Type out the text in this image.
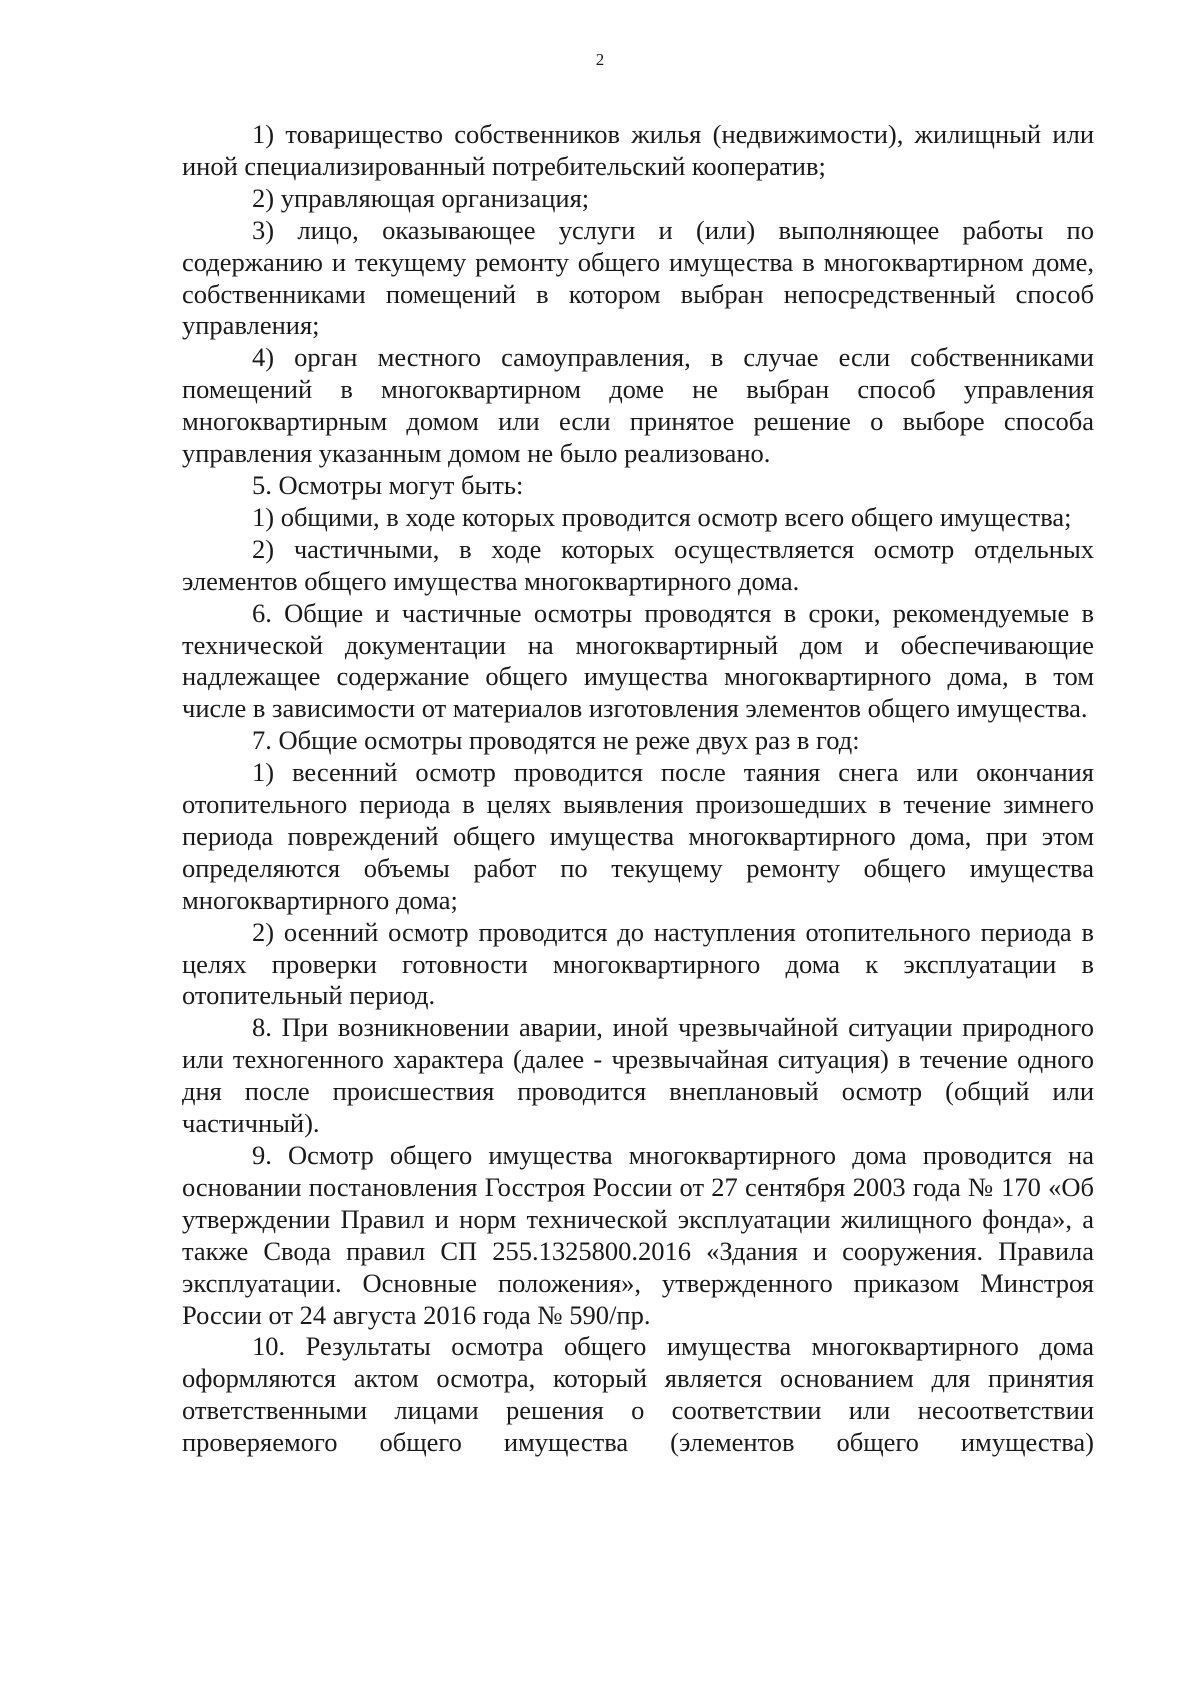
2

1) товарищество собственников жилья (недвижимости), жилищный или иной специализированный потребительский кооператив;

2) управляющая организация;

3) лицо, оказывающее услуги и (или) выполняющее работы по содержанию и текущему ремонту общего имущества в многоквартирном доме, собственниками помещений в котором выбран непосредственный способ управления;

4) орган местного самоуправления, в случае если собственниками помещений в многоквартирном доме не выбран способ управления многоквартирным домом или если принятое решение о выборе способа управления указанным домом не было реализовано.

5. Осмотры могут быть:

1) общими, в ходе которых проводится осмотр всего общего имущества;

2) частичными, в ходе которых осуществляется осмотр отдельных элементов общего имущества многоквартирного дома.

6. Общие и частичные осмотры проводятся в сроки, рекомендуемые в технической документации на многоквартирный дом и обеспечивающие надлежащее содержание общего имущества многоквартирного дома, в том числе в зависимости от материалов изготовления элементов общего имущества.

7. Общие осмотры проводятся не реже двух раз в год:

1) весенний осмотр проводится после таяния снега или окончания отопительного периода в целях выявления произошедших в течение зимнего периода повреждений общего имущества многоквартирного дома, при этом определяются объемы работ по текущему ремонту общего имущества многоквартирного дома;

2) осенний осмотр проводится до наступления отопительного периода в целях проверки готовности многоквартирного дома к эксплуатации в отопительный период.

8. При возникновении аварии, иной чрезвычайной ситуации природного или техногенного характера (далее - чрезвычайная ситуация) в течение одного дня после происшествия проводится внеплановый осмотр (общий или частичный).

9. Осмотр общего имущества многоквартирного дома проводится на основании постановления Госстроя России от 27 сентября 2003 года № 170 «Об утверждении Правил и норм технической эксплуатации жилищного фонда», а также Свода правил СП 255.1325800.2016 «Здания и сооружения. Правила эксплуатации. Основные положения», утвержденного приказом Минстроя России от 24 августа 2016 года № 590/пр.

10. Результаты осмотра общего имущества многоквартирного дома оформляются актом осмотра, который является основанием для принятия ответственными лицами решения о соответствии или несоответствии проверяемого общего имущества (элементов общего имущества)
